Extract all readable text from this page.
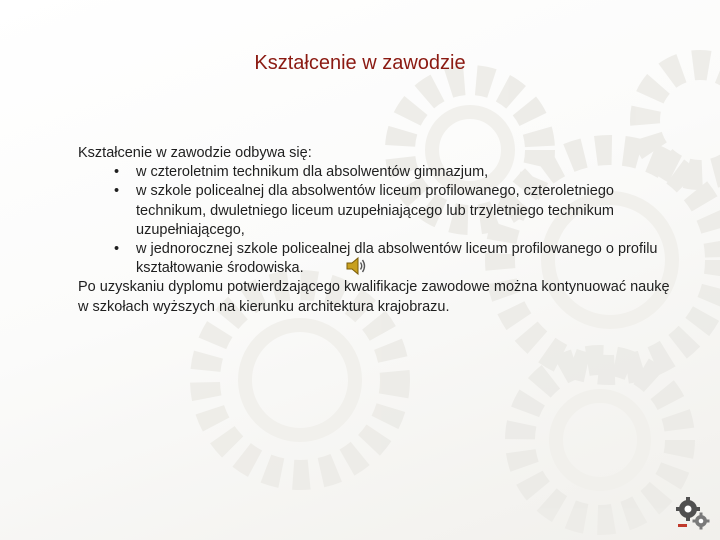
Kształcenie w zawodzie

Kształcenie w zawodzie odbywa się:

• w czteroletnim technikum dla absolwentów gimnazjum,
• w szkole policealnej dla absolwentów liceum profilowanego, czteroletniego technikum, dwuletniego liceum uzupełniającego lub trzyletniego technikum uzupełniającego,
• w jednorocznej szkole policealnej dla absolwentów liceum profilowanego o profilu kształtowanie środowiska.

Po uzyskaniu dyplomu potwierdzającego kwalifikacje zawodowe można kontynuować naukę w szkołach wyższych na kierunku architektura krajobrazu.
